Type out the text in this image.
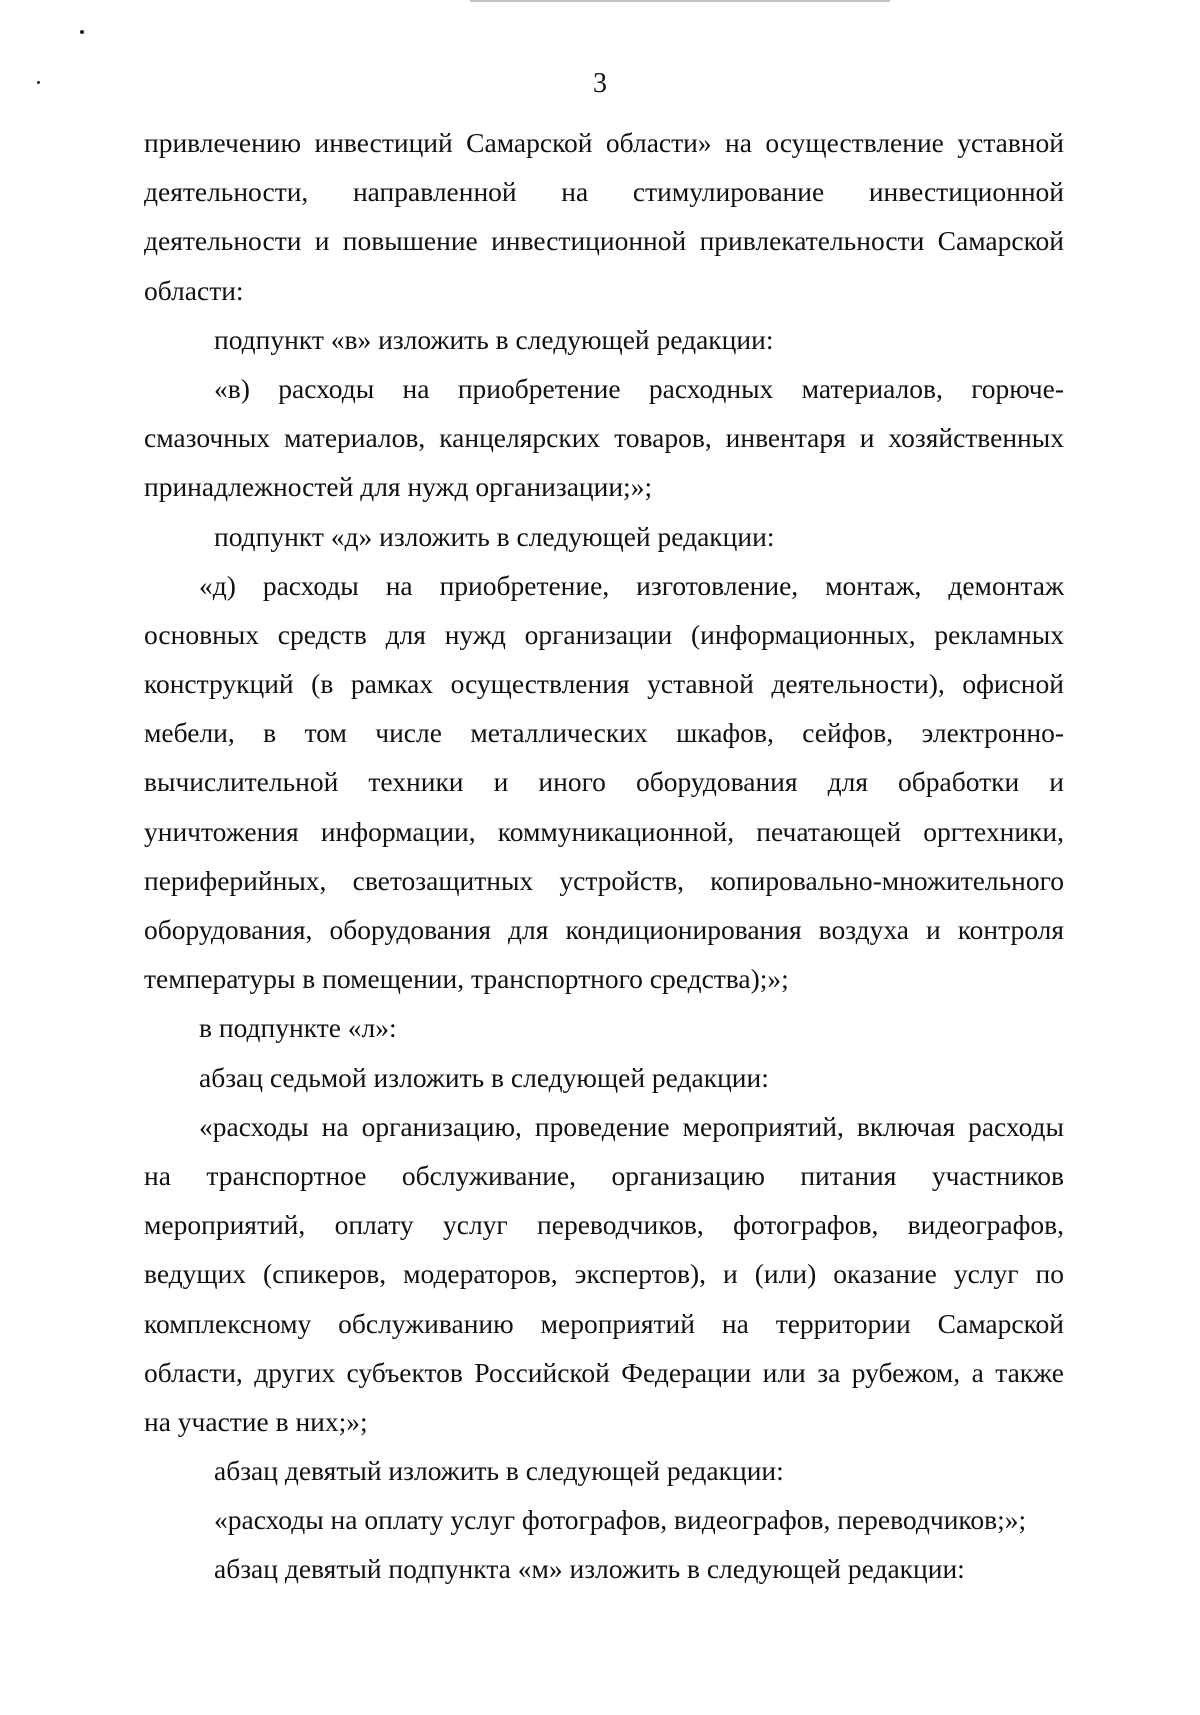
3
привлечению инвестиций Самарской области» на осуществление уставной
деятельности, направленной на стимулирование инвестиционной
деятельности и повышение инвестиционной привлекательности Самарской
области:
подпункт «в» изложить в следующей редакции:
«в) расходы на приобретение расходных материалов, горюче-
смазочных материалов, канцелярских товаров, инвентаря и хозяйственных
принадлежностей для нужд организации;»;
подпункт «д» изложить в следующей редакции:
«д) расходы на приобретение, изготовление, монтаж, демонтаж
основных средств для нужд организации (информационных, рекламных
конструкций (в рамках осуществления уставной деятельности), офисной
мебели, в том числе металлических шкафов, сейфов, электронно-
вычислительной техники и иного оборудования для обработки и
уничтожения информации, коммуникационной, печатающей оргтехники,
периферийных, светозащитных устройств, копировально-множительного
оборудования, оборудования для кондиционирования воздуха и контроля
температуры в помещении, транспортного средства);»;
в подпункте «л»:
абзац седьмой изложить в следующей редакции:
«расходы на организацию, проведение мероприятий, включая расходы
на транспортное обслуживание, организацию питания участников
мероприятий, оплату услуг переводчиков, фотографов, видеографов,
ведущих (спикеров, модераторов, экспертов), и (или) оказание услуг по
комплексному обслуживанию мероприятий на территории Самарской
области, других субъектов Российской Федерации или за рубежом, а также
на участие в них;»;
абзац девятый изложить в следующей редакции:
«расходы на оплату услуг фотографов, видеографов, переводчиков;»;
абзац девятый подпункта «м» изложить в следующей редакции:
